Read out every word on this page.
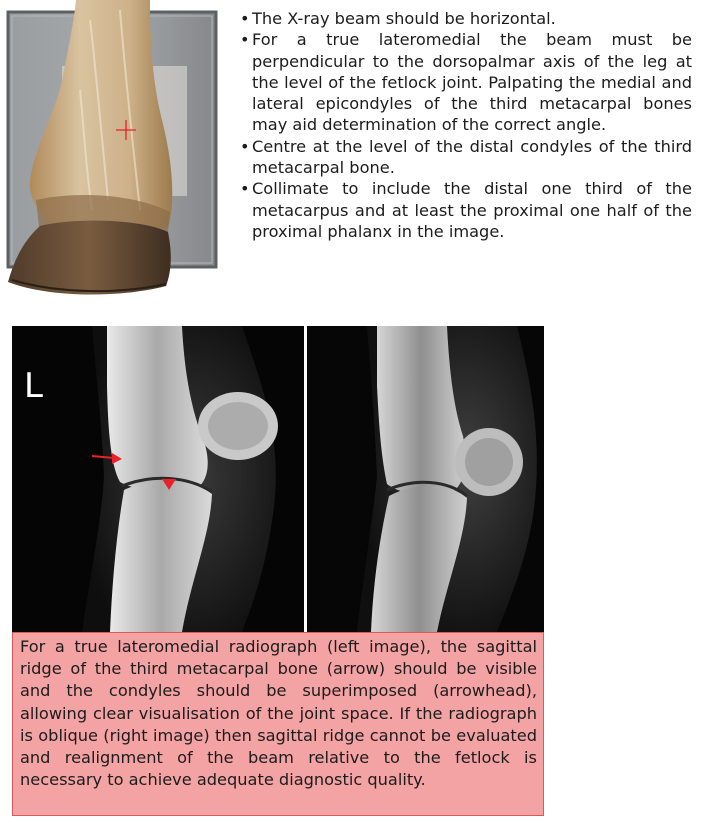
• The X-ray beam should be horizontal.
• For a true lateromedial the beam must be perpendicular to the dorsopalmar axis of the leg at the level of the fetlock joint. Palpating the medial and lateral epicondyles of the third metacarpal bones may aid determination of the correct angle.
• Centre at the level of the distal condyles of the third metacarpal bone.
• Collimate to include the distal one third of the metacarpus and at least the proximal one half of the proximal phalanx in the image.
L
For a true lateromedial radiograph (left image), the sagittal ridge of the third metacarpal bone (arrow) should be visible and the condyles should be superimposed (arrowhead), allowing clear visualisation of the joint space. If the radiograph is oblique (right image) then sagittal ridge cannot be evaluated and realignment of the beam relative to the fetlock is necessary to achieve adequate diagnostic quality.
